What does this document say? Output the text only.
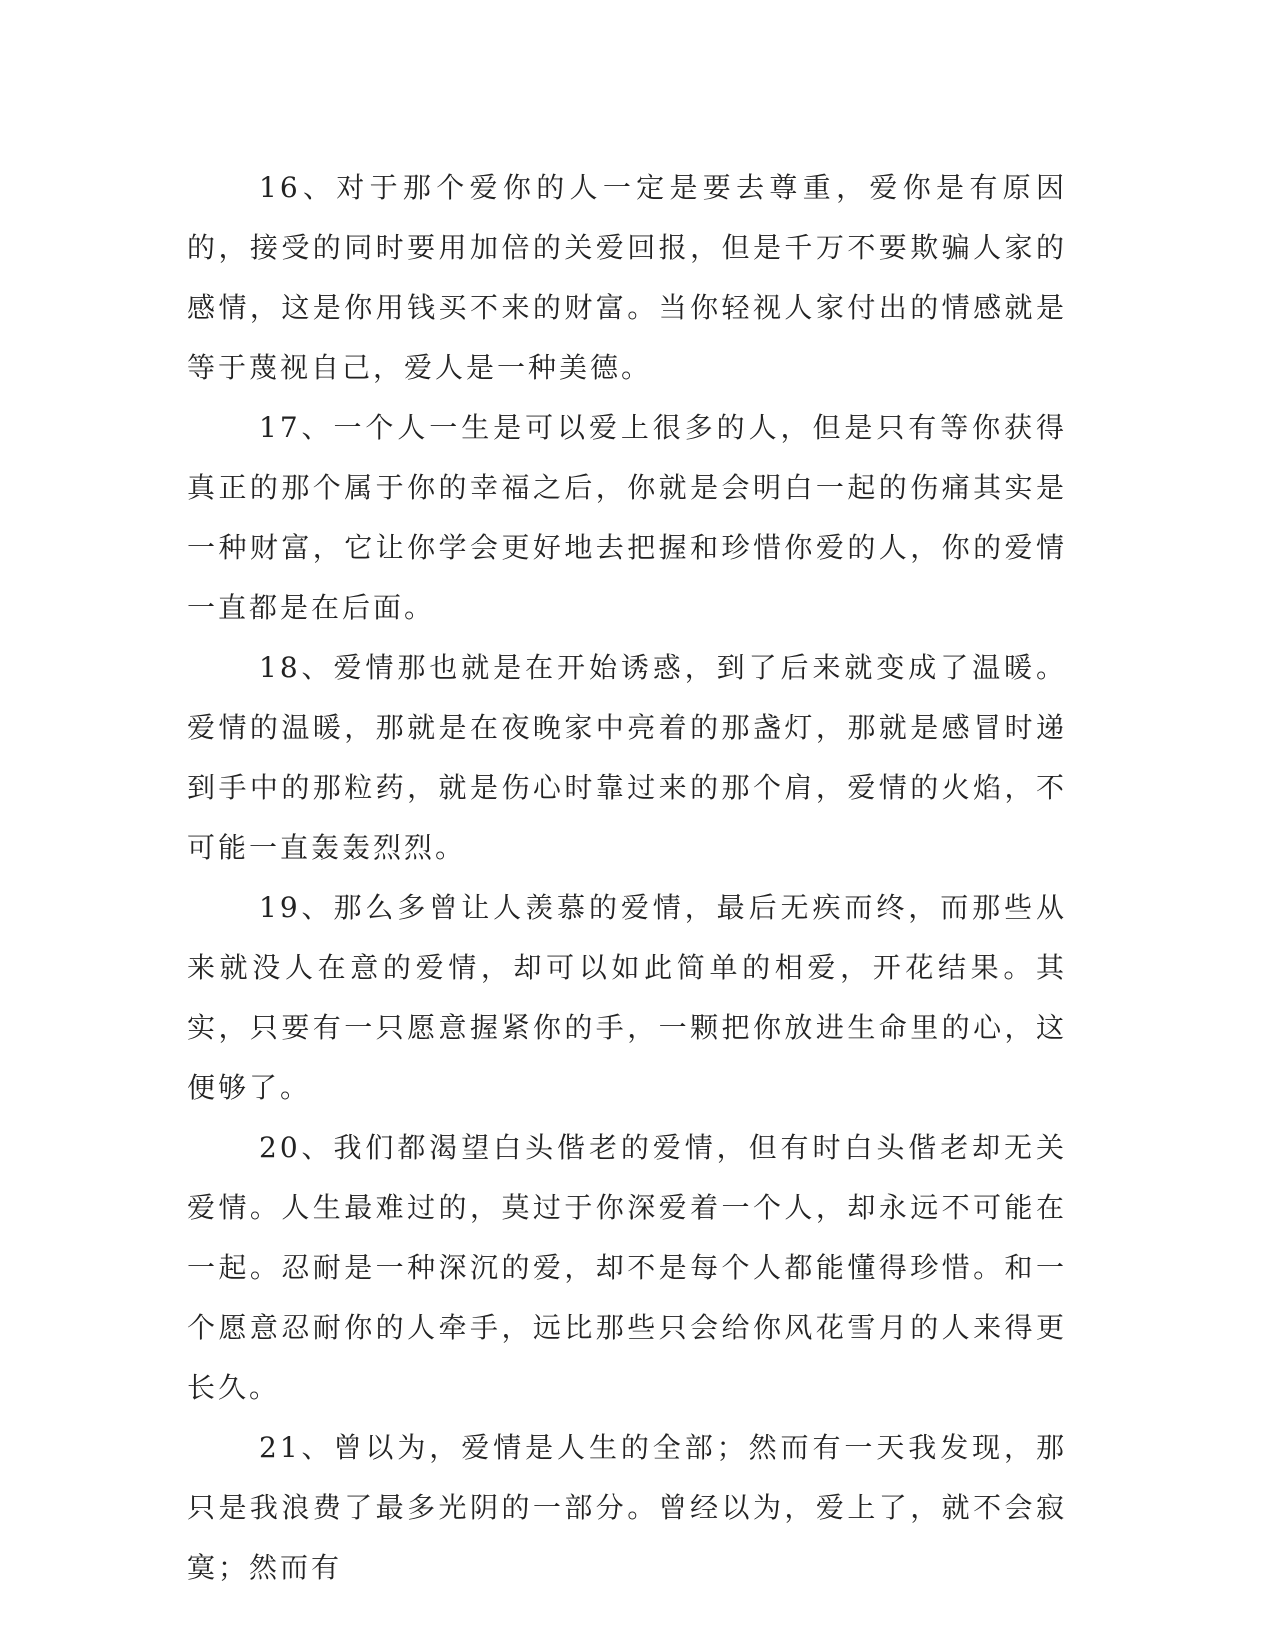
16、对于那个爱你的人一定是要去尊重，爱你是有原因的，接受的同时要用加倍的关爱回报，但是千万不要欺骗人家的感情，这是你用钱买不来的财富。当你轻视人家付出的情感就是等于蔑视自己，爱人是一种美德。

17、一个人一生是可以爱上很多的人，但是只有等你获得真正的那个属于你的幸福之后，你就是会明白一起的伤痛其实是一种财富，它让你学会更好地去把握和珍惜你爱的人，你的爱情一直都是在后面。

18、爱情那也就是在开始诱惑，到了后来就变成了温暖。爱情的温暖，那就是在夜晚家中亮着的那盏灯，那就是感冒时递到手中的那粒药，就是伤心时靠过来的那个肩，爱情的火焰，不可能一直轰轰烈烈。

19、那么多曾让人羡慕的爱情，最后无疾而终，而那些从来就没人在意的爱情，却可以如此简单的相爱，开花结果。其实，只要有一只愿意握紧你的手，一颗把你放进生命里的心，这便够了。

20、我们都渴望白头偕老的爱情，但有时白头偕老却无关爱情。人生最难过的，莫过于你深爱着一个人，却永远不可能在一起。忍耐是一种深沉的爱，却不是每个人都能懂得珍惜。和一个愿意忍耐你的人牵手，远比那些只会给你风花雪月的人来得更长久。

21、曾以为，爱情是人生的全部；然而有一天我发现，那只是我浪费了最多光阴的一部分。曾经以为，爱上了，就不会寂寞；然而有
